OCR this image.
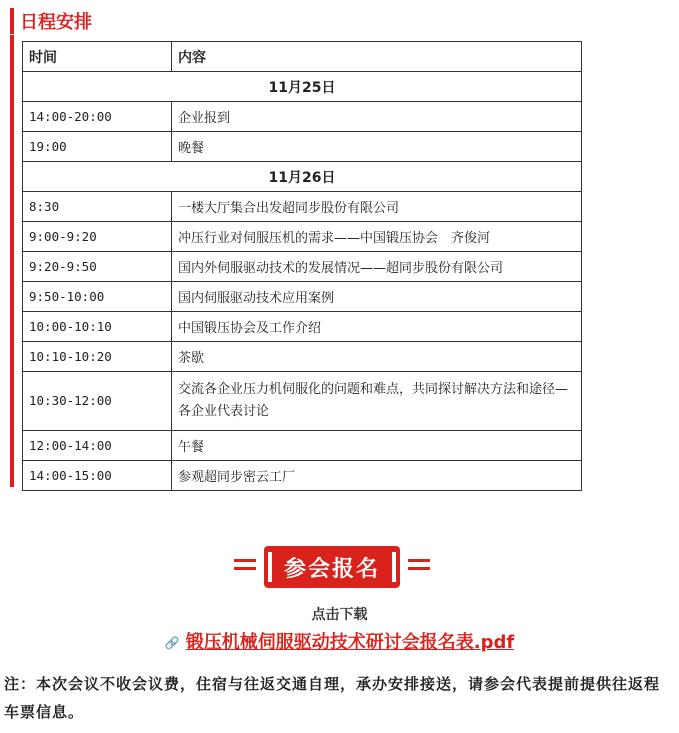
日程安排
时间	内容
11月25日	
14:00-20:00	企业报到
19:00	晚餐
11月26日	
8:30	一楼大厅集合出发超同步股份有限公司
9:00-9:20	冲压行业对伺服压机的需求——中国锻压协会　齐俊河
9:20-9:50	国内外伺服驱动技术的发展情况——超同步股份有限公司
9:50-10:00	国内伺服驱动技术应用案例
10:00-10:10	中国锻压协会及工作介绍
10:10-10:20	茶歇
10:30-12:00	交流各企业压力机伺服化的问题和难点，共同探讨解决方法和途径—各企业代表讨论
12:00-14:00	午餐
14:00-15:00	参观超同步密云工厂
参会报名
点击下载
🔗 锻压机械伺服驱动技术研讨会报名表.pdf
注：本次会议不收会议费，住宿与往返交通自理，承办安排接送，请参会代表提前提供往返程车票信息。
